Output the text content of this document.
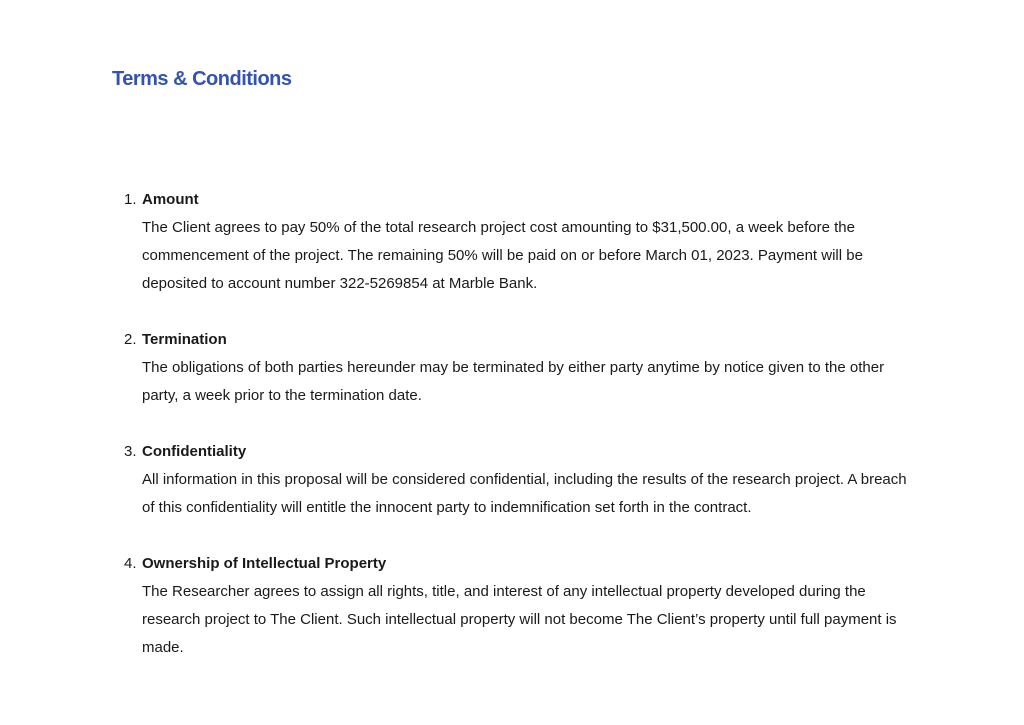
Terms & Conditions
1. Amount
The Client agrees to pay 50% of the total research project cost amounting to $31,500.00, a week before the commencement of the project. The remaining 50% will be paid on or before March 01, 2023. Payment will be deposited to account number 322-5269854 at Marble Bank.
2. Termination
The obligations of both parties hereunder may be terminated by either party anytime by notice given to the other party, a week prior to the termination date.
3. Confidentiality
All information in this proposal will be considered confidential, including the results of the research project. A breach of this confidentiality will entitle the innocent party to indemnification set forth in the contract.
4. Ownership of Intellectual Property
The Researcher agrees to assign all rights, title, and interest of any intellectual property developed during the research project to The Client. Such intellectual property will not become The Client’s property until full payment is made.
